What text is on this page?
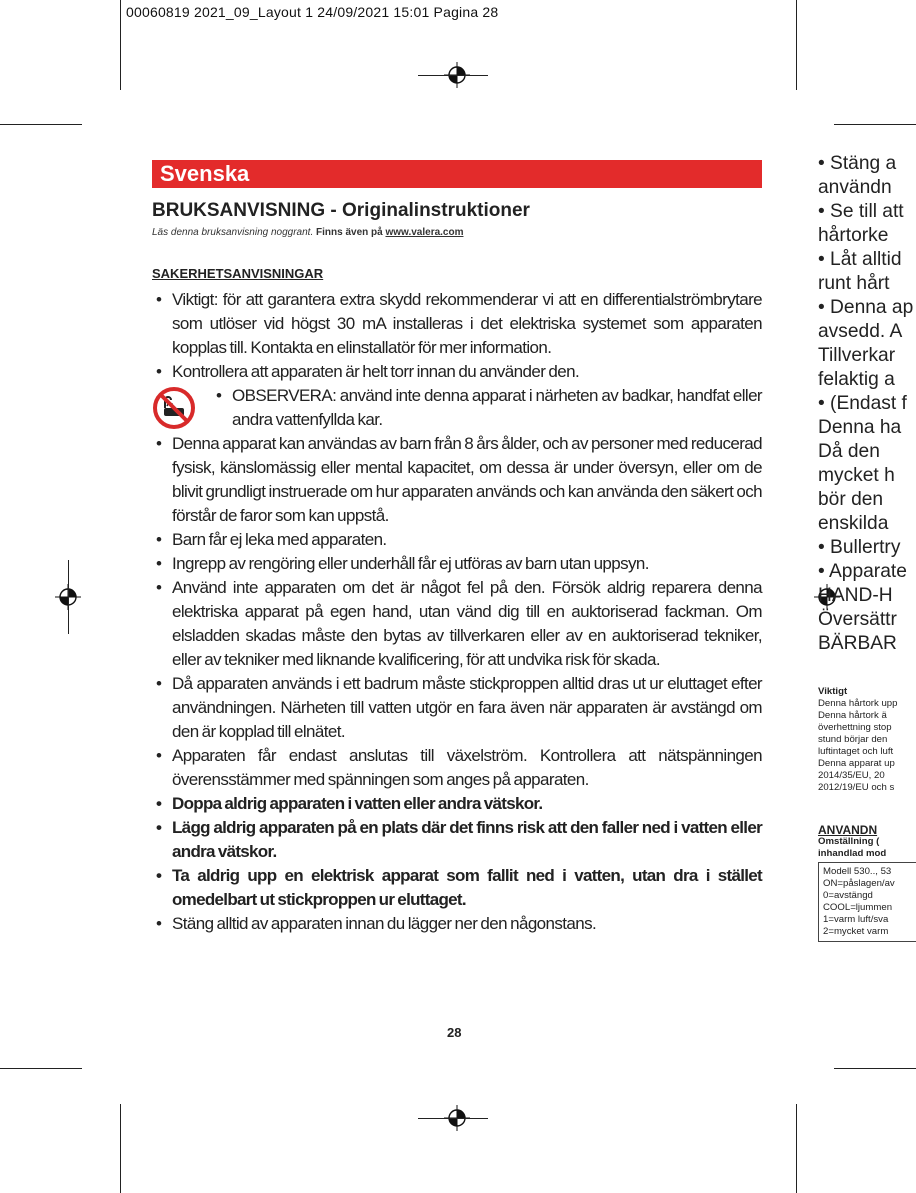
00060819 2021_09_Layout 1 24/09/2021 15:01 Pagina 28
Svenska
BRUKSANVISNING - Originalinstruktioner
Läs denna bruksanvisning noggrant. Finns även på www.valera.com
SAKERHETSANVISNINGAR
• Viktigt: för att garantera extra skydd rekommenderar vi att en differentialströmbrytare som utlöser vid högst 30 mA installeras i det elektriska systemet som apparaten kopplas till. Kontakta en elinstallatör för mer information.
• Kontrollera att apparaten är helt torr innan du använder den.
• OBSERVERA: använd inte denna apparat i närheten av badkar, handfat eller andra vattenfyllda kar.
• Denna apparat kan användas av barn från 8 års ålder, och av personer med reducerad fysisk, känslomässig eller mental kapacitet, om dessa är under översyn, eller om de blivit grundligt instruerade om hur apparaten används och kan använda den säkert och förstår de faror som kan uppstå.
• Barn får ej leka med apparaten.
• Ingrepp av rengöring eller underhåll får ej utföras av barn utan uppsyn.
• Använd inte apparaten om det är något fel på den. Försök aldrig reparera denna elektriska apparat på egen hand, utan vänd dig till en auktoriserad fackman. Om elsladden skadas måste den bytas av tillverkaren eller av en auktoriserad tekniker, eller av tekniker med liknande kvalificering, för att undvika risk för skada.
• Då apparaten används i ett badrum måste stickproppen alltid dras ut ur eluttaget efter användningen. Närheten till vatten utgör en fara även när apparaten är avstängd om den är kopplad till elnätet.
• Apparaten får endast anslutas till växelström. Kontrollera att nätspänningen överensstämmer med spänningen som anges på apparaten.
• Doppa aldrig apparaten i vatten eller andra vätskor.
• Lägg aldrig apparaten på en plats där det finns risk att den faller ned i vatten eller andra vätskor.
• Ta aldrig upp en elektrisk apparat som fallit ned i vatten, utan dra i stället omedelbart ut stickproppen ur eluttaget.
• Stäng alltid av apparaten innan du lägger ner den någonstans.
28
• Stäng a
användn
• Se till att
hårtorke
• Låt alltid
runt hårt
• Denna ap
avsedd. A
Tillverkar
felaktig a
• (Endast f
Denna ha
Då den
mycket h
bör den
enskilda
• Bullertry
• Apparate
HAND-H
Översättr
BÄRBAR
Viktigt
Denna hårtork upp
Denna hårtork ä
överhettning stop
stund börjar den
luftintaget och luft
Denna apparat up
2014/35/EU, 20
2012/19/EU och s
ANVANDN
Omställning (
inhandlad mod
Modell 530.., 53
ON=påslagen/av
0=avstängd
COOL=ljummen
1=varm luft/sva
2=mycket varm
